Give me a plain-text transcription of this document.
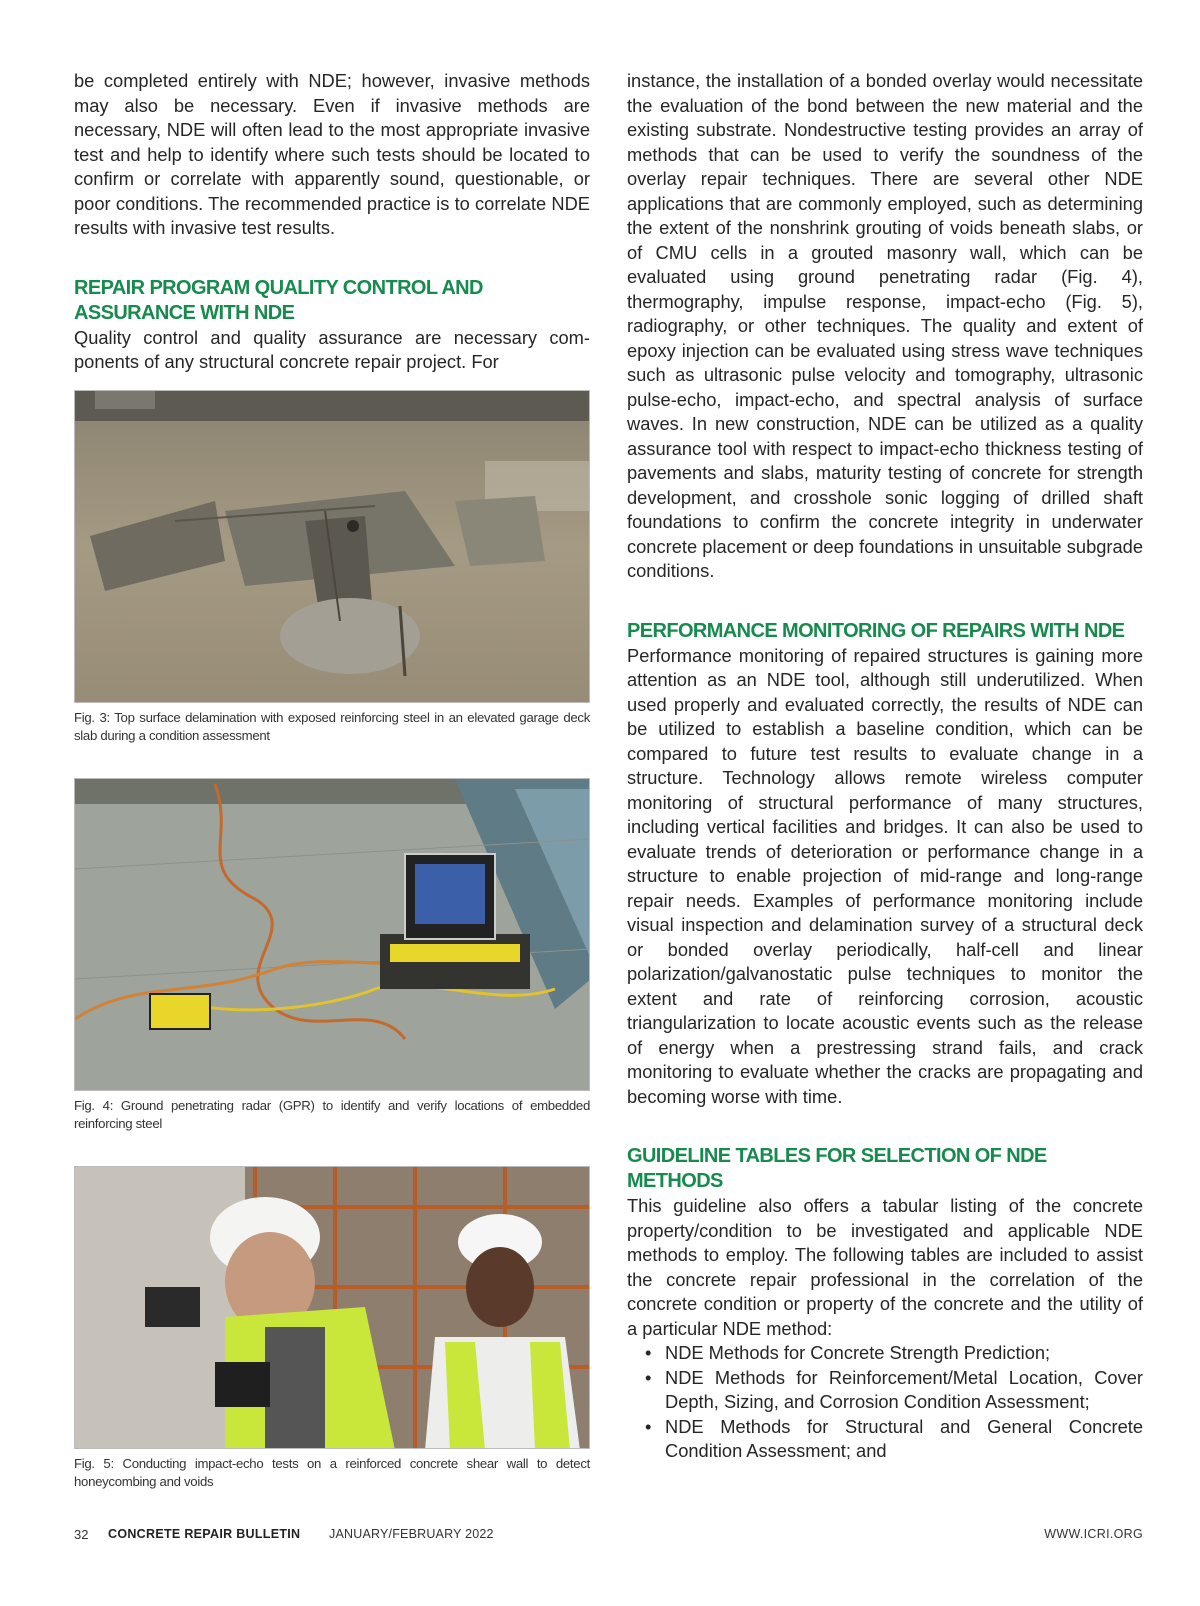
be completed entirely with NDE; however, invasive methods may also be necessary. Even if invasive methods are necessary, NDE will often lead to the most appropriate invasive test and help to identify where such tests should be located to confirm or correlate with apparently sound, questionable, or poor conditions. The recommended practice is to correlate NDE results with invasive test results.

REPAIR PROGRAM QUALITY CONTROL AND ASSURANCE WITH NDE

Quality control and quality assurance are necessary components of any structural concrete repair project. For

Fig. 3: Top surface delamination with exposed reinforcing steel in an elevated garage deck slab during a condition assessment

Fig. 4: Ground penetrating radar (GPR) to identify and verify locations of embedded reinforcing steel

Fig. 5: Conducting impact-echo tests on a reinforced concrete shear wall to detect honeycombing and voids

instance, the installation of a bonded overlay would necessitate the evaluation of the bond between the new material and the existing substrate. Nondestructive testing provides an array of methods that can be used to verify the soundness of the overlay repair techniques. There are several other NDE applications that are commonly employed, such as determining the extent of the nonshrink grouting of voids beneath slabs, or of CMU cells in a grouted masonry wall, which can be evaluated using ground penetrating radar (Fig. 4), thermography, impulse response, impact-echo (Fig. 5), radiography, or other techniques. The quality and extent of epoxy injection can be evaluated using stress wave techniques such as ultrasonic pulse velocity and tomography, ultrasonic pulse-echo, impact-echo, and spectral analysis of surface waves. In new construction, NDE can be utilized as a quality assurance tool with respect to impact-echo thickness testing of pavements and slabs, maturity testing of concrete for strength development, and crosshole sonic logging of drilled shaft foundations to confirm the concrete integrity in underwater concrete placement or deep foundations in unsuitable subgrade conditions.

PERFORMANCE MONITORING OF REPAIRS WITH NDE

Performance monitoring of repaired structures is gaining more attention as an NDE tool, although still underutilized. When used properly and evaluated correctly, the results of NDE can be utilized to establish a baseline condition, which can be compared to future test results to evaluate change in a structure. Technology allows remote wireless computer monitoring of structural performance of many structures, including vertical facilities and bridges. It can also be used to evaluate trends of deterioration or performance change in a structure to enable projection of mid-range and long-range repair needs. Examples of performance monitoring include visual inspection and delamination survey of a structural deck or bonded overlay periodically, half-cell and linear polarization/galvanostatic pulse techniques to monitor the extent and rate of reinforcing corrosion, acoustic triangularization to locate acoustic events such as the release of energy when a prestressing strand fails, and crack monitoring to evaluate whether the cracks are propagating and becoming worse with time.

GUIDELINE TABLES FOR SELECTION OF NDE METHODS

This guideline also offers a tabular listing of the concrete property/condition to be investigated and applicable NDE methods to employ. The following tables are included to assist the concrete repair professional in the correlation of the concrete condition or property of the concrete and the utility of a particular NDE method:

• NDE Methods for Concrete Strength Prediction;
• NDE Methods for Reinforcement/Metal Location, Cover Depth, Sizing, and Corrosion Condition Assessment;
• NDE Methods for Structural and General Concrete Condition Assessment; and
32 CONCRETE REPAIR BULLETIN JANUARY/FEBRUARY 2022	WWW.ICRI.ORG
